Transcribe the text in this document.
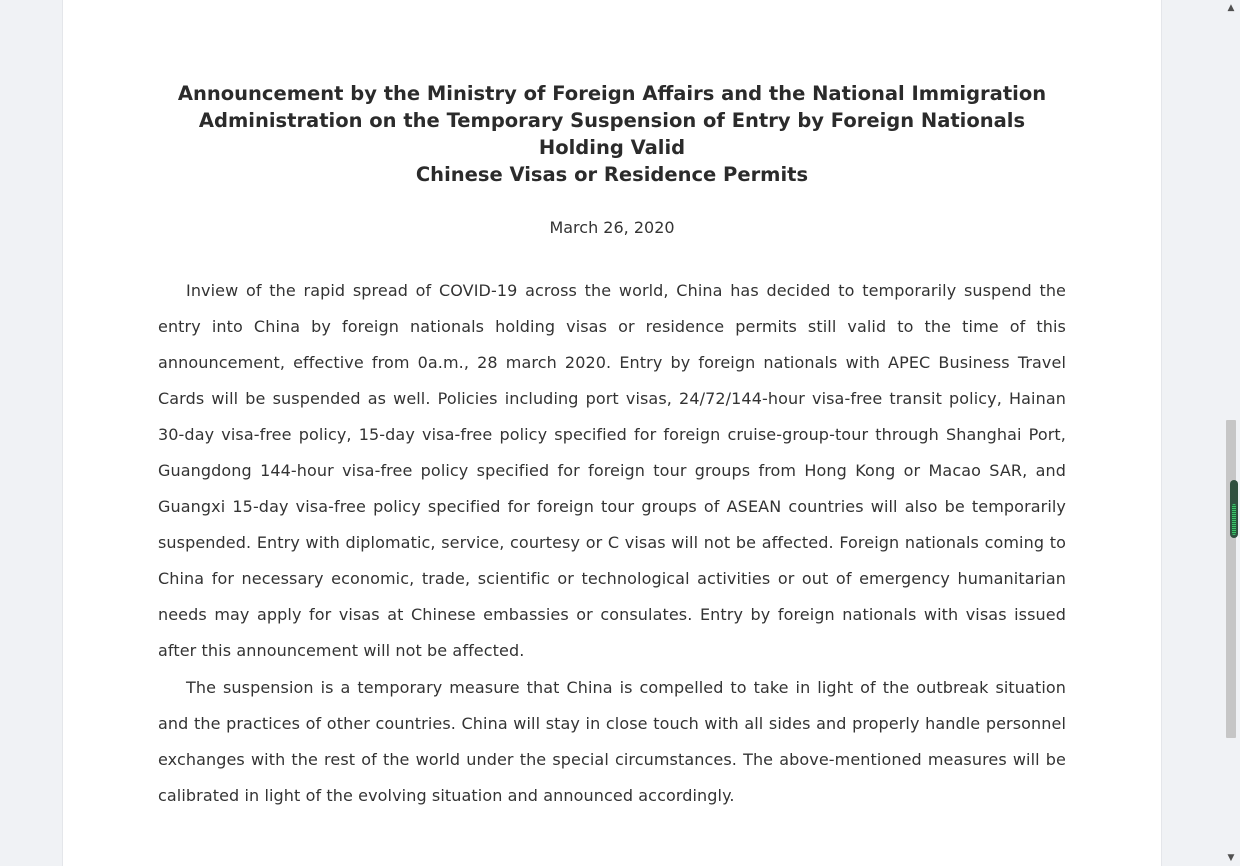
Announcement by the Ministry of Foreign Affairs and the National Immigration
Administration on the Temporary Suspension of Entry by Foreign Nationals Holding Valid
Chinese Visas or Residence Permits
March 26, 2020

Inview of the rapid spread of COVID-19 across the world, China has decided to temporarily suspend the entry into China by foreign nationals holding visas or residence permits still valid to the time of this announcement, effective from 0a.m., 28 march 2020. Entry by foreign nationals with APEC Business Travel Cards will be suspended as well. Policies including port visas, 24/72/144-hour visa-free transit policy, Hainan 30-day visa-free policy, 15-day visa-free policy specified for foreign cruise-group-tour through Shanghai Port, Guangdong 144-hour visa-free policy specified for foreign tour groups from Hong Kong or Macao SAR, and Guangxi 15-day visa-free policy specified for foreign tour groups of ASEAN countries will also be temporarily suspended. Entry with diplomatic, service, courtesy or C visas will not be affected. Foreign nationals coming to China for necessary economic, trade, scientific or technological activities or out of emergency humanitarian needs may apply for visas at Chinese embassies or consulates. Entry by foreign nationals with visas issued after this announcement will not be affected.

The suspension is a temporary measure that China is compelled to take in light of the outbreak situation and the practices of other countries. China will stay in close touch with all sides and properly handle personnel exchanges with the rest of the world under the special circumstances. The above-mentioned measures will be calibrated in light of the evolving situation and announced accordingly.

▲
▼
